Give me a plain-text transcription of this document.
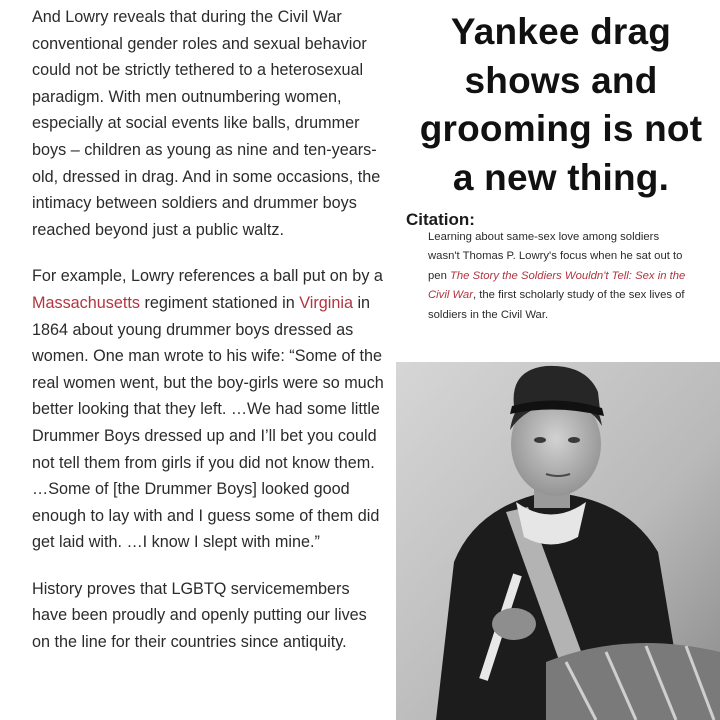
And Lowry reveals that during the Civil War conventional gender roles and sexual behavior could not be strictly tethered to a heterosexual paradigm. With men outnumbering women, especially at social events like balls, drummer boys – children as young as nine and ten-years-old, dressed in drag. And in some occasions, the intimacy between soldiers and drummer boys reached beyond just a public waltz.

For example, Lowry references a ball put on by a Massachusetts regiment stationed in Virginia in 1864 about young drummer boys dressed as women. One man wrote to his wife: “Some of the real women went, but the boy-girls were so much better looking that they left. …We had some little Drummer Boys dressed up and I’ll bet you could not tell them from girls if you did not know them. …Some of [the Drummer Boys] looked good enough to lay with and I guess some of them did get laid with. …I know I slept with mine.”

History proves that LGBTQ servicemembers have been proudly and openly putting our lives on the line for their countries since antiquity.

Yankee drag
shows and
grooming is not
a new thing.
Citation:
Learning about same-sex love among soldiers wasn't Thomas P. Lowry's focus when he sat out to pen The Story the Soldiers Wouldn't Tell: Sex in the Civil War, the first scholarly study of the sex lives of soldiers in the Civil War.
